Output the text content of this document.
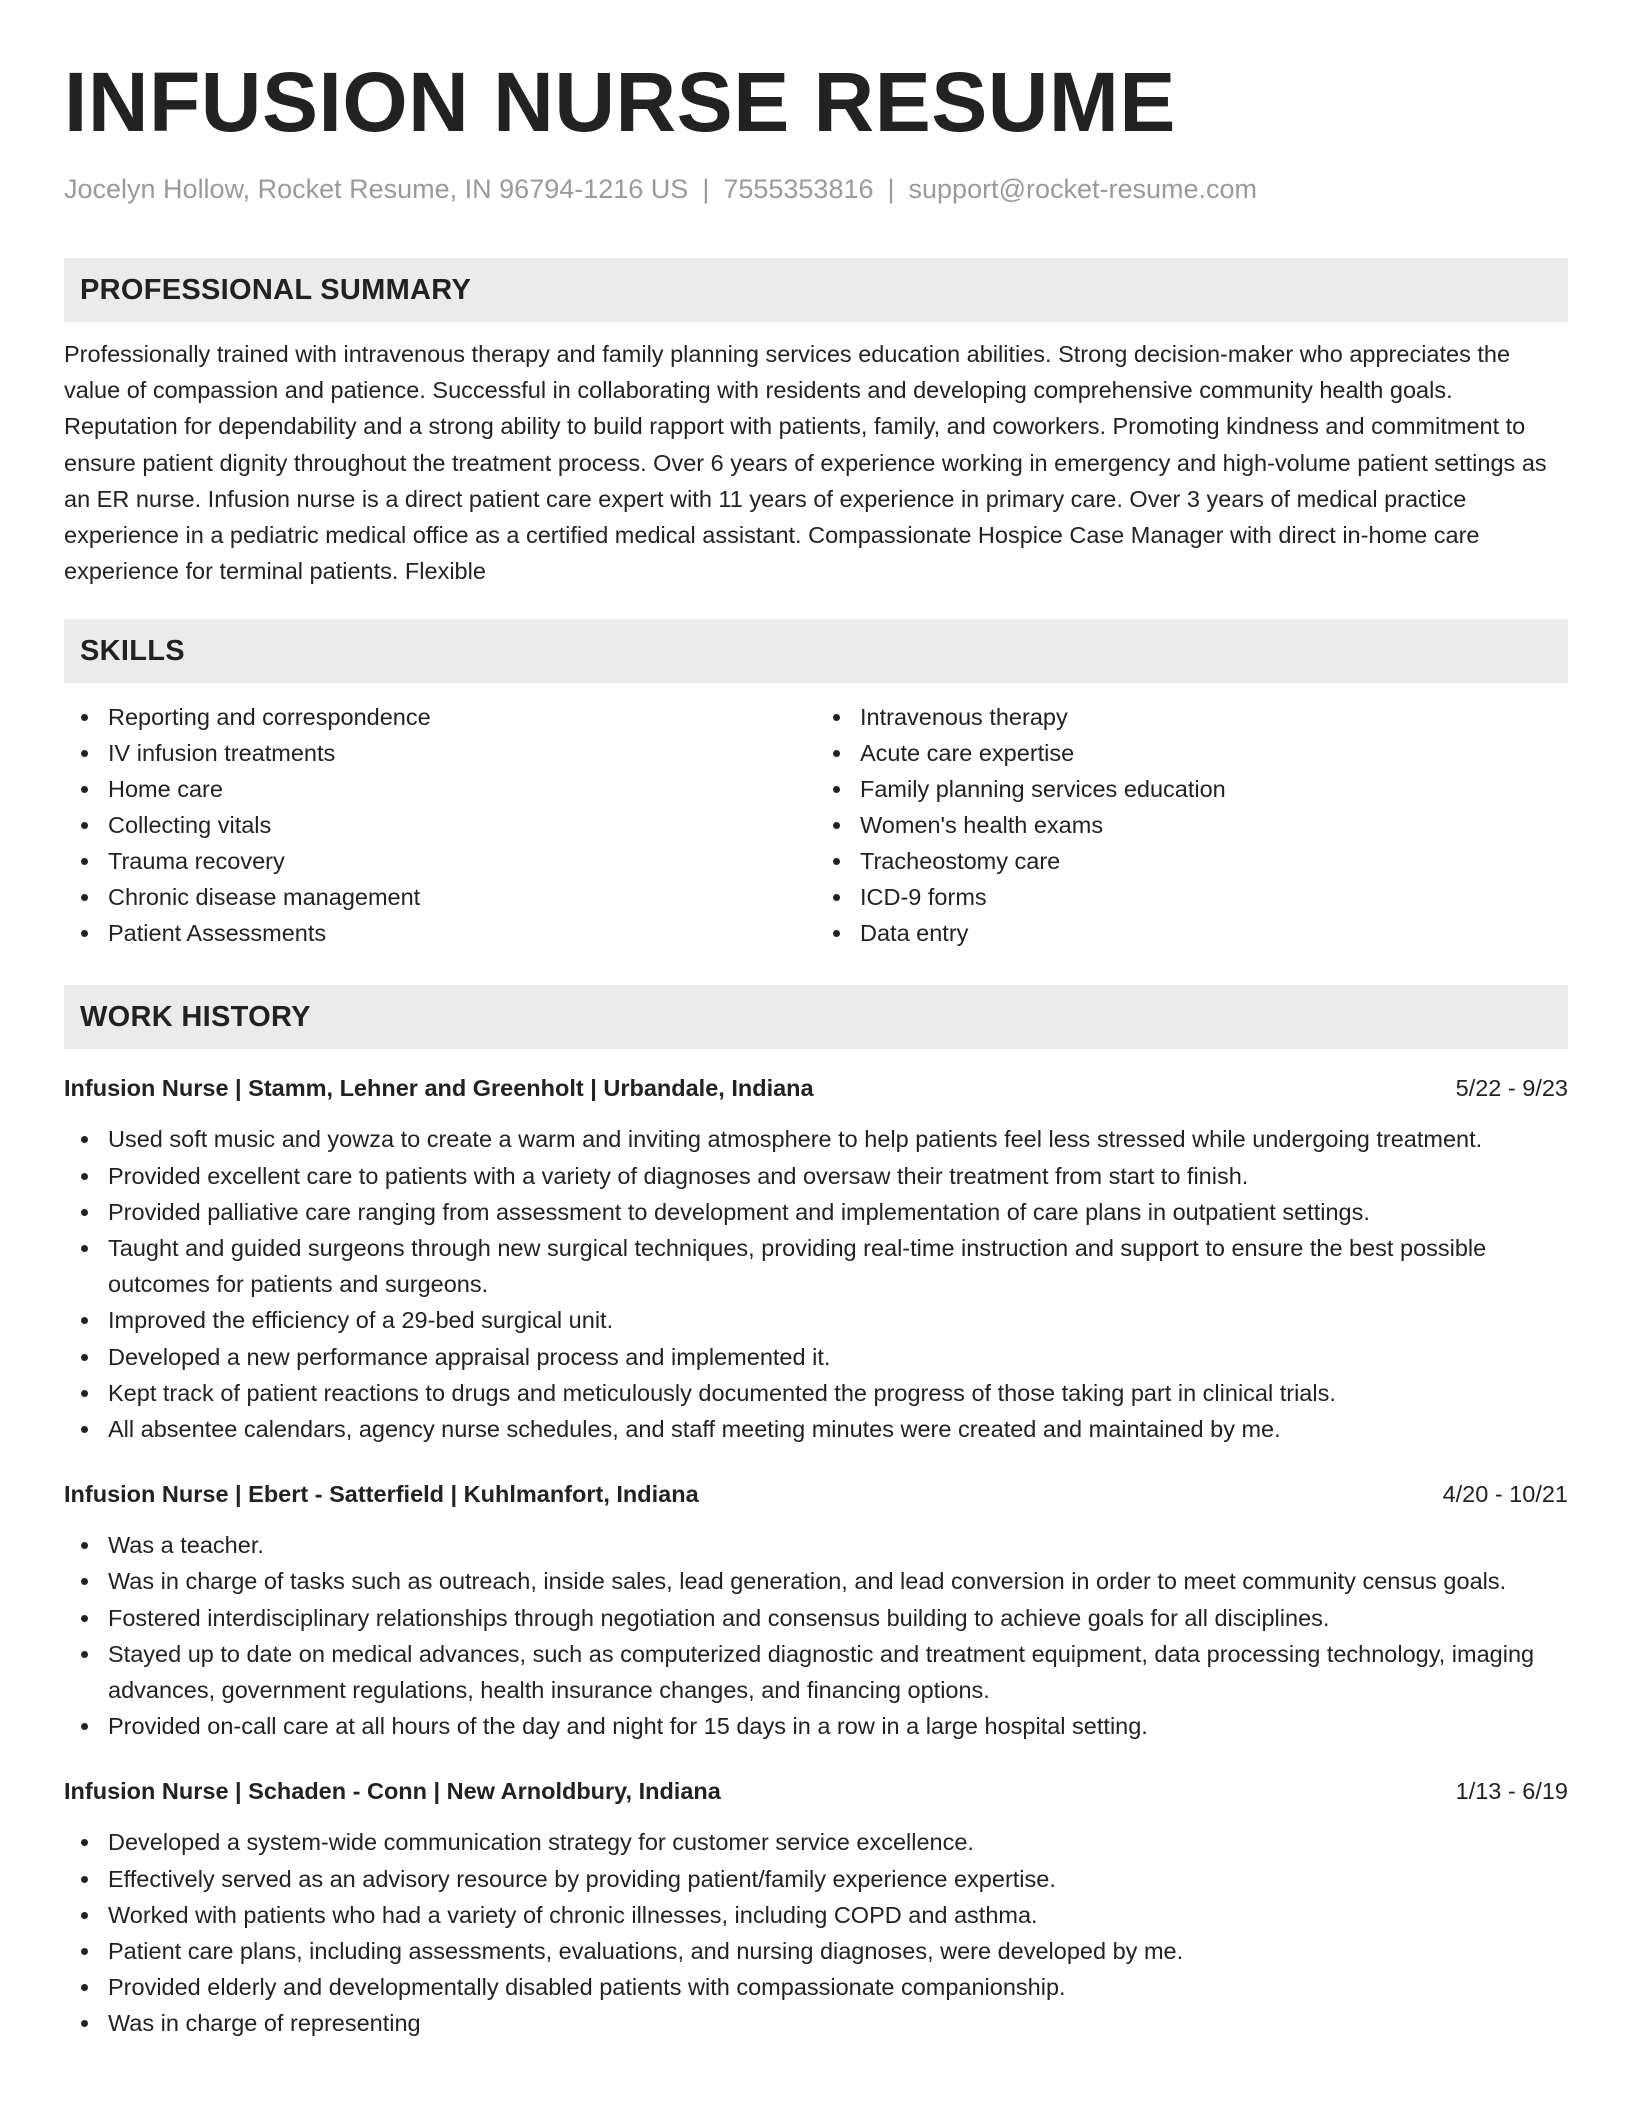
INFUSION NURSE RESUME
Jocelyn Hollow, Rocket Resume, IN 96794-1216 US | 7555353816 | support@rocket-resume.com
PROFESSIONAL SUMMARY

Professionally trained with intravenous therapy and family planning services education abilities. Strong decision-maker who appreciates the value of compassion and patience. Successful in collaborating with residents and developing comprehensive community health goals. Reputation for dependability and a strong ability to build rapport with patients, family, and coworkers. Promoting kindness and commitment to ensure patient dignity throughout the treatment process. Over 6 years of experience working in emergency and high-volume patient settings as an ER nurse. Infusion nurse is a direct patient care expert with 11 years of experience in primary care. Over 3 years of medical practice experience in a pediatric medical office as a certified medical assistant. Compassionate Hospice Case Manager with direct in-home care experience for terminal patients. Flexible

SKILLS
Reporting and correspondence
IV infusion treatments
Home care
Collecting vitals
Trauma recovery
Chronic disease management
Patient Assessments
Intravenous therapy
Acute care expertise
Family planning services education
Women's health exams
Tracheostomy care
ICD-9 forms
Data entry
WORK HISTORY
Infusion Nurse | Stamm, Lehner and Greenholt | Urbandale, Indiana	5/22 - 9/23
Used soft music and yowza to create a warm and inviting atmosphere to help patients feel less stressed while undergoing treatment.
Provided excellent care to patients with a variety of diagnoses and oversaw their treatment from start to finish.
Provided palliative care ranging from assessment to development and implementation of care plans in outpatient settings.
Taught and guided surgeons through new surgical techniques, providing real-time instruction and support to ensure the best possible outcomes for patients and surgeons.
Improved the efficiency of a 29-bed surgical unit.
Developed a new performance appraisal process and implemented it.
Kept track of patient reactions to drugs and meticulously documented the progress of those taking part in clinical trials.
All absentee calendars, agency nurse schedules, and staff meeting minutes were created and maintained by me.
Infusion Nurse | Ebert - Satterfield | Kuhlmanfort, Indiana	4/20 - 10/21
Was a teacher.
Was in charge of tasks such as outreach, inside sales, lead generation, and lead conversion in order to meet community census goals.
Fostered interdisciplinary relationships through negotiation and consensus building to achieve goals for all disciplines.
Stayed up to date on medical advances, such as computerized diagnostic and treatment equipment, data processing technology, imaging advances, government regulations, health insurance changes, and financing options.
Provided on-call care at all hours of the day and night for 15 days in a row in a large hospital setting.
Infusion Nurse | Schaden - Conn | New Arnoldbury, Indiana	1/13 - 6/19
Developed a system-wide communication strategy for customer service excellence.
Effectively served as an advisory resource by providing patient/family experience expertise.
Worked with patients who had a variety of chronic illnesses, including COPD and asthma.
Patient care plans, including assessments, evaluations, and nursing diagnoses, were developed by me.
Provided elderly and developmentally disabled patients with compassionate companionship.
Was in charge of representing
